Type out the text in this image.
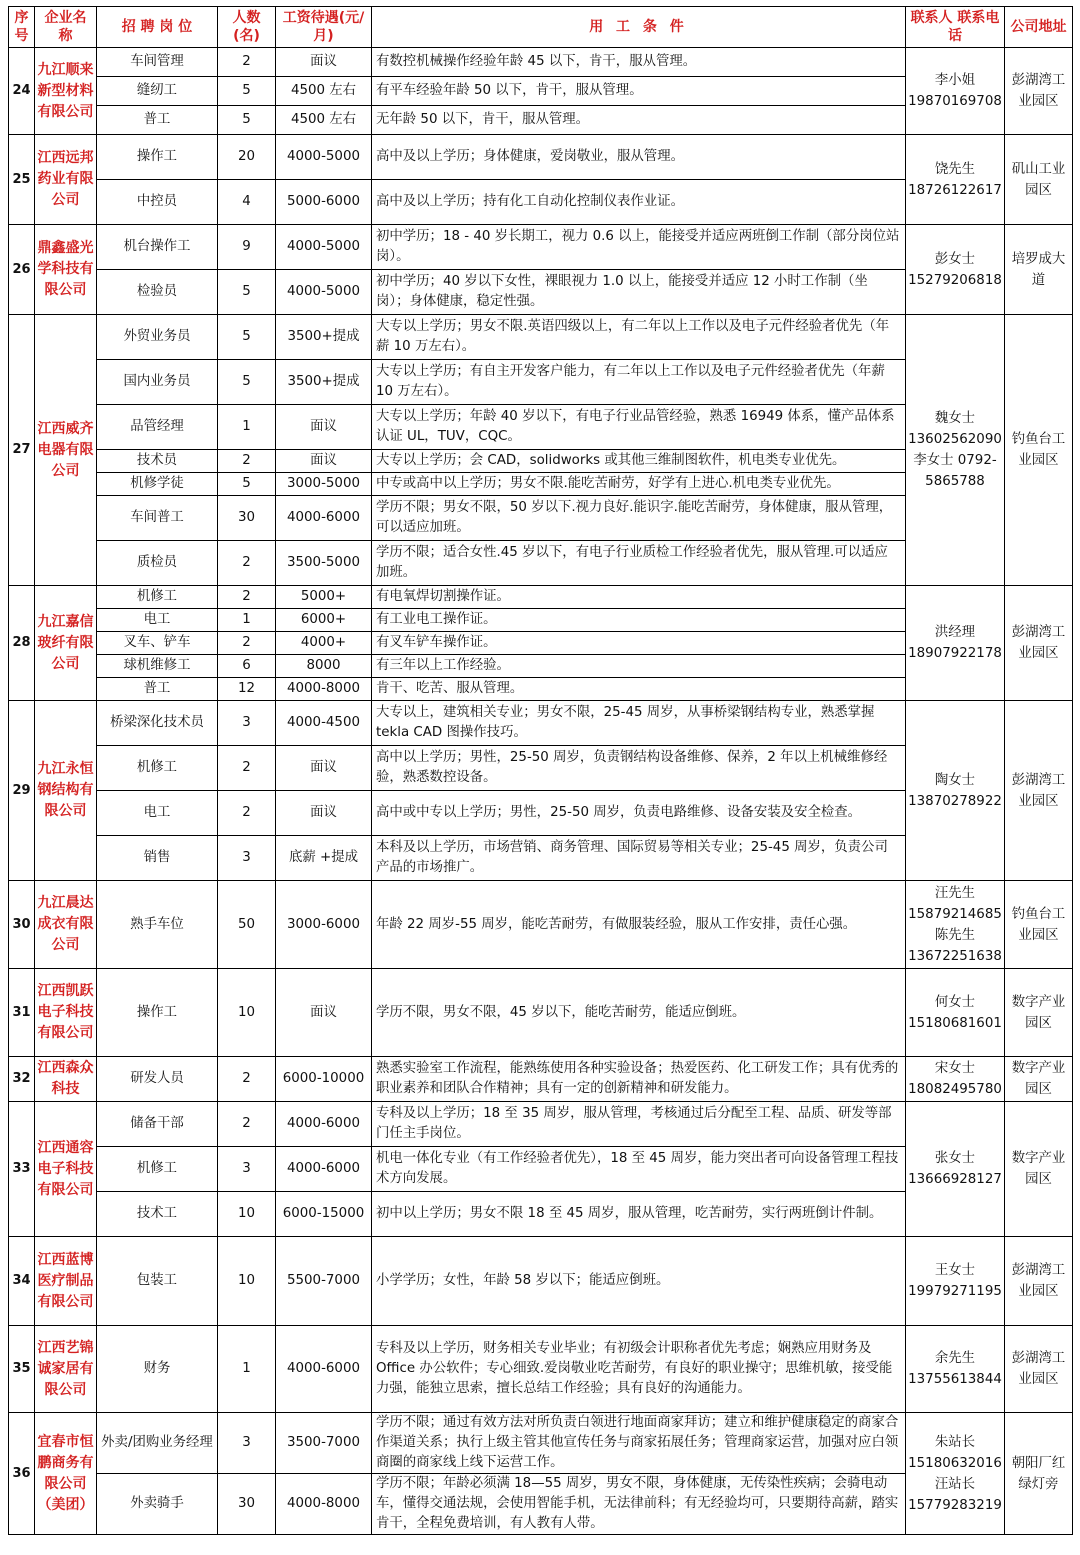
序号	企业名称	招 聘 岗 位	人数(名)	工资待遇(元/月)	用 工 条 件	联系人 联系电话	公司地址
24	九江顺来新型材料有限公司	车间管理	2	面议	有数控机械操作经验年龄 45 以下，肯干，服从管理。	李小姐 19870169708	彭湖湾工业园区
		缝纫工	5	4500 左右	有平车经验年龄 50 以下，肯干，服从管理。		
		普工	5	4500 左右	无年龄 50 以下，肯干，服从管理。		
25	江西远邦药业有限公司	操作工	20	4000-5000	高中及以上学历；身体健康，爱岗敬业，服从管理。	饶先生 18726122617	矶山工业园区
		中控员	4	5000-6000	高中及以上学历；持有化工自动化控制仪表作业证。		
26	鼎鑫盛光学科技有限公司	机台操作工	9	4000-5000	初中学历；18 - 40 岁长期工，视力 0.6 以上，能接受并适应两班倒工作制（部分岗位站岗）。	彭女士 15279206818	培罗成大道
		检验员	5	4000-5000	初中学历；40 岁以下女性，裸眼视力 1.0 以上，能接受并适应 12 小时工作制（坐岗）；身体健康，稳定性强。		
27	江西威齐电器有限公司	外贸业务员	5	3500+提成	大专以上学历；男女不限.英语四级以上，有二年以上工作以及电子元件经验者优先（年薪 10 万左右）。	魏女士 13602562090 李女士 0792-5865788	钓鱼台工业园区
		国内业务员	5	3500+提成	大专以上学历；有自主开发客户能力，有二年以上工作以及电子元件经验者优先（年薪 10 万左右）。		
		品管经理	1	面议	大专以上学历；年龄 40 岁以下，有电子行业品管经验，熟悉 16949 体系，懂产品体系认证 UL，TUV，CQC。		
		技术员	2	面议	大专以上学历；会 CAD，solidworks 或其他三维制图软件，机电类专业优先。		
		机修学徒	5	3000-5000	中专或高中以上学历；男女不限.能吃苦耐劳，好学有上进心.机电类专业优先。		
		车间普工	30	4000-6000	学历不限；男女不限，50 岁以下.视力良好.能识字.能吃苦耐劳，身体健康，服从管理，可以适应加班。		
		质检员	2	3500-5000	学历不限；适合女性.45 岁以下，有电子行业质检工作经验者优先，服从管理.可以适应加班。		
28	九江嘉信玻纤有限公司	机修工	2	5000+	有电氧焊切割操作证。	洪经理 18907922178	彭湖湾工业园区
		电工	1	6000+	有工业电工操作证。		
		叉车、铲车	2	4000+	有叉车铲车操作证。		
		球机维修工	6	8000	有三年以上工作经验。		
		普工	12	4000-8000	肯干、吃苦、服从管理。		
29	九江永恒钢结构有限公司	桥梁深化技术员	3	4000-4500	大专以上，建筑相关专业；男女不限，25-45 周岁，从事桥梁钢结构专业，熟悉掌握 tekla CAD 图操作技巧。	陶女士 13870278922	彭湖湾工业园区
		机修工	2	面议	高中以上学历；男性，25-50 周岁，负责钢结构设备维修、保养，2 年以上机械维修经验，熟悉数控设备。		
		电工	2	面议	高中或中专以上学历；男性，25-50 周岁，负责电路维修、设备安装及安全检查。		
		销售	3	底薪 +提成	本科及以上学历，市场营销、商务管理、国际贸易等相关专业；25-45 周岁，负责公司产品的市场推广。		
30	九江晨达成衣有限公司	熟手车位	50	3000-6000	年龄 22 周岁-55 周岁，能吃苦耐劳，有做服装经验，服从工作安排，责任心强。	汪先生 15879214685 陈先生 13672251638	钓鱼台工业园区
31	江西凯跃电子科技有限公司	操作工	10	面议	学历不限，男女不限，45 岁以下，能吃苦耐劳，能适应倒班。	何女士 15180681601	数字产业园区
32	江西森众科技	研发人员	2	6000-10000	熟悉实验室工作流程，能熟练使用各种实验设备；热爱医药、化工研发工作；具有优秀的职业素养和团队合作精神；具有一定的创新精神和研发能力。	宋女士 18082495780	数字产业园区
33	江西通容电子科技有限公司	储备干部	2	4000-6000	专科及以上学历；18 至 35 周岁，服从管理，考核通过后分配至工程、品质、研发等部门任主手岗位。	张女士 13666928127	数字产业园区
		机修工	3	4000-6000	机电一体化专业（有工作经验者优先），18 至 45 周岁，能力突出者可向设备管理工程技术方向发展。		
		技术工	10	6000-15000	初中以上学历；男女不限 18 至 45 周岁，服从管理，吃苦耐劳，实行两班倒计件制。		
34	江西蓝博医疗制品有限公司	包装工	10	5500-7000	小学学历；女性，年龄 58 岁以下；能适应倒班。	王女士 19979271195	彭湖湾工业园区
35	江西艺锦诚家居有限公司	财务	1	4000-6000	专科及以上学历，财务相关专业毕业；有初级会计职称者优先考虑；娴熟应用财务及 Office 办公软件；专心细致.爱岗敬业吃苦耐劳，有良好的职业操守；思维机敏，接受能力强，能独立思索，擅长总结工作经验；具有良好的沟通能力。	余先生 13755613844	彭湖湾工业园区
36	宜春市恒鹏商务有限公司（美团）	外卖/团购业务经理	3	3500-7000	学历不限；通过有效方法对所负责白领进行地面商家拜访；建立和维护健康稳定的商家合作渠道关系；执行上级主管其他宣传任务与商家拓展任务；管理商家运营，加强对应白领商圈的商家线上线下运营工作。	朱站长 15180632016 汪站长 15779283219	朝阳厂红绿灯旁
		外卖骑手	30	4000-8000	学历不限；年龄必须满 18—55 周岁，男女不限，身体健康，无传染性疾病；会骑电动车，懂得交通法规，会使用智能手机，无法律前科；有无经验均可，只要期待高薪，踏实肯干，全程免费培训，有人教有人带。		
